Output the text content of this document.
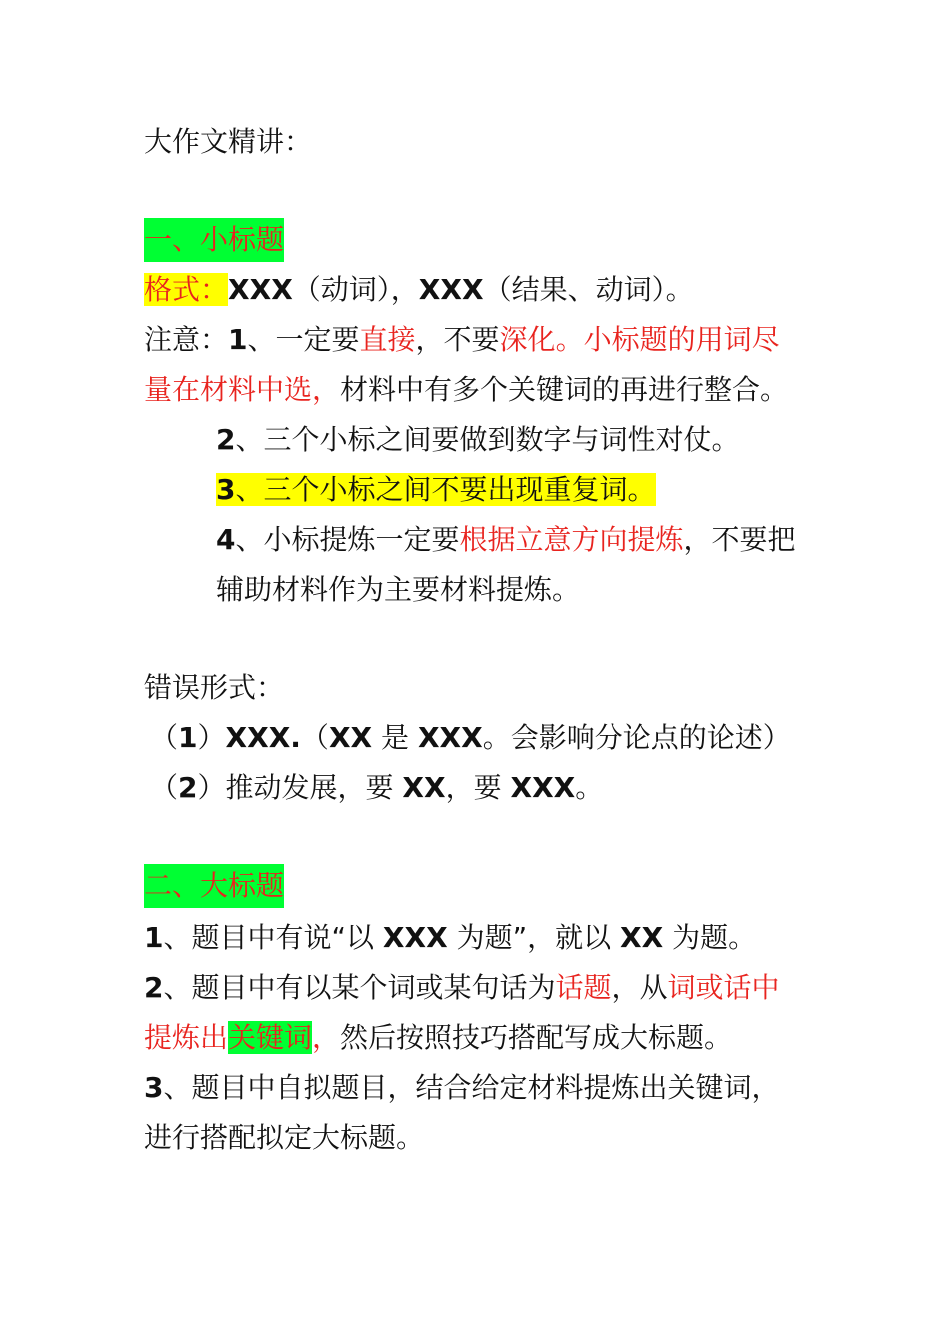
大作文精讲：
一、小标题
格式：XXX（动词），XXX（结果、动词）。
注意：1、一定要直接，不要深化。小标题的用词尽
量在材料中选，材料中有多个关键词的再进行整合。
2、三个小标之间要做到数字与词性对仗。
3、三个小标之间不要出现重复词。
4、小标提炼一定要根据立意方向提炼，不要把
辅助材料作为主要材料提炼。
错误形式：
（1）XXX.（XX 是 XXX。会影响分论点的论述）
（2）推动发展，要 XX，要 XXX。
二、大标题
1、题目中有说“以 XXX 为题”，就以 XX 为题。
2、题目中有以某个词或某句话为话题，从词或话中
提炼出关键词，然后按照技巧搭配写成大标题。
3、题目中自拟题目，结合给定材料提炼出关键词，
进行搭配拟定大标题。
